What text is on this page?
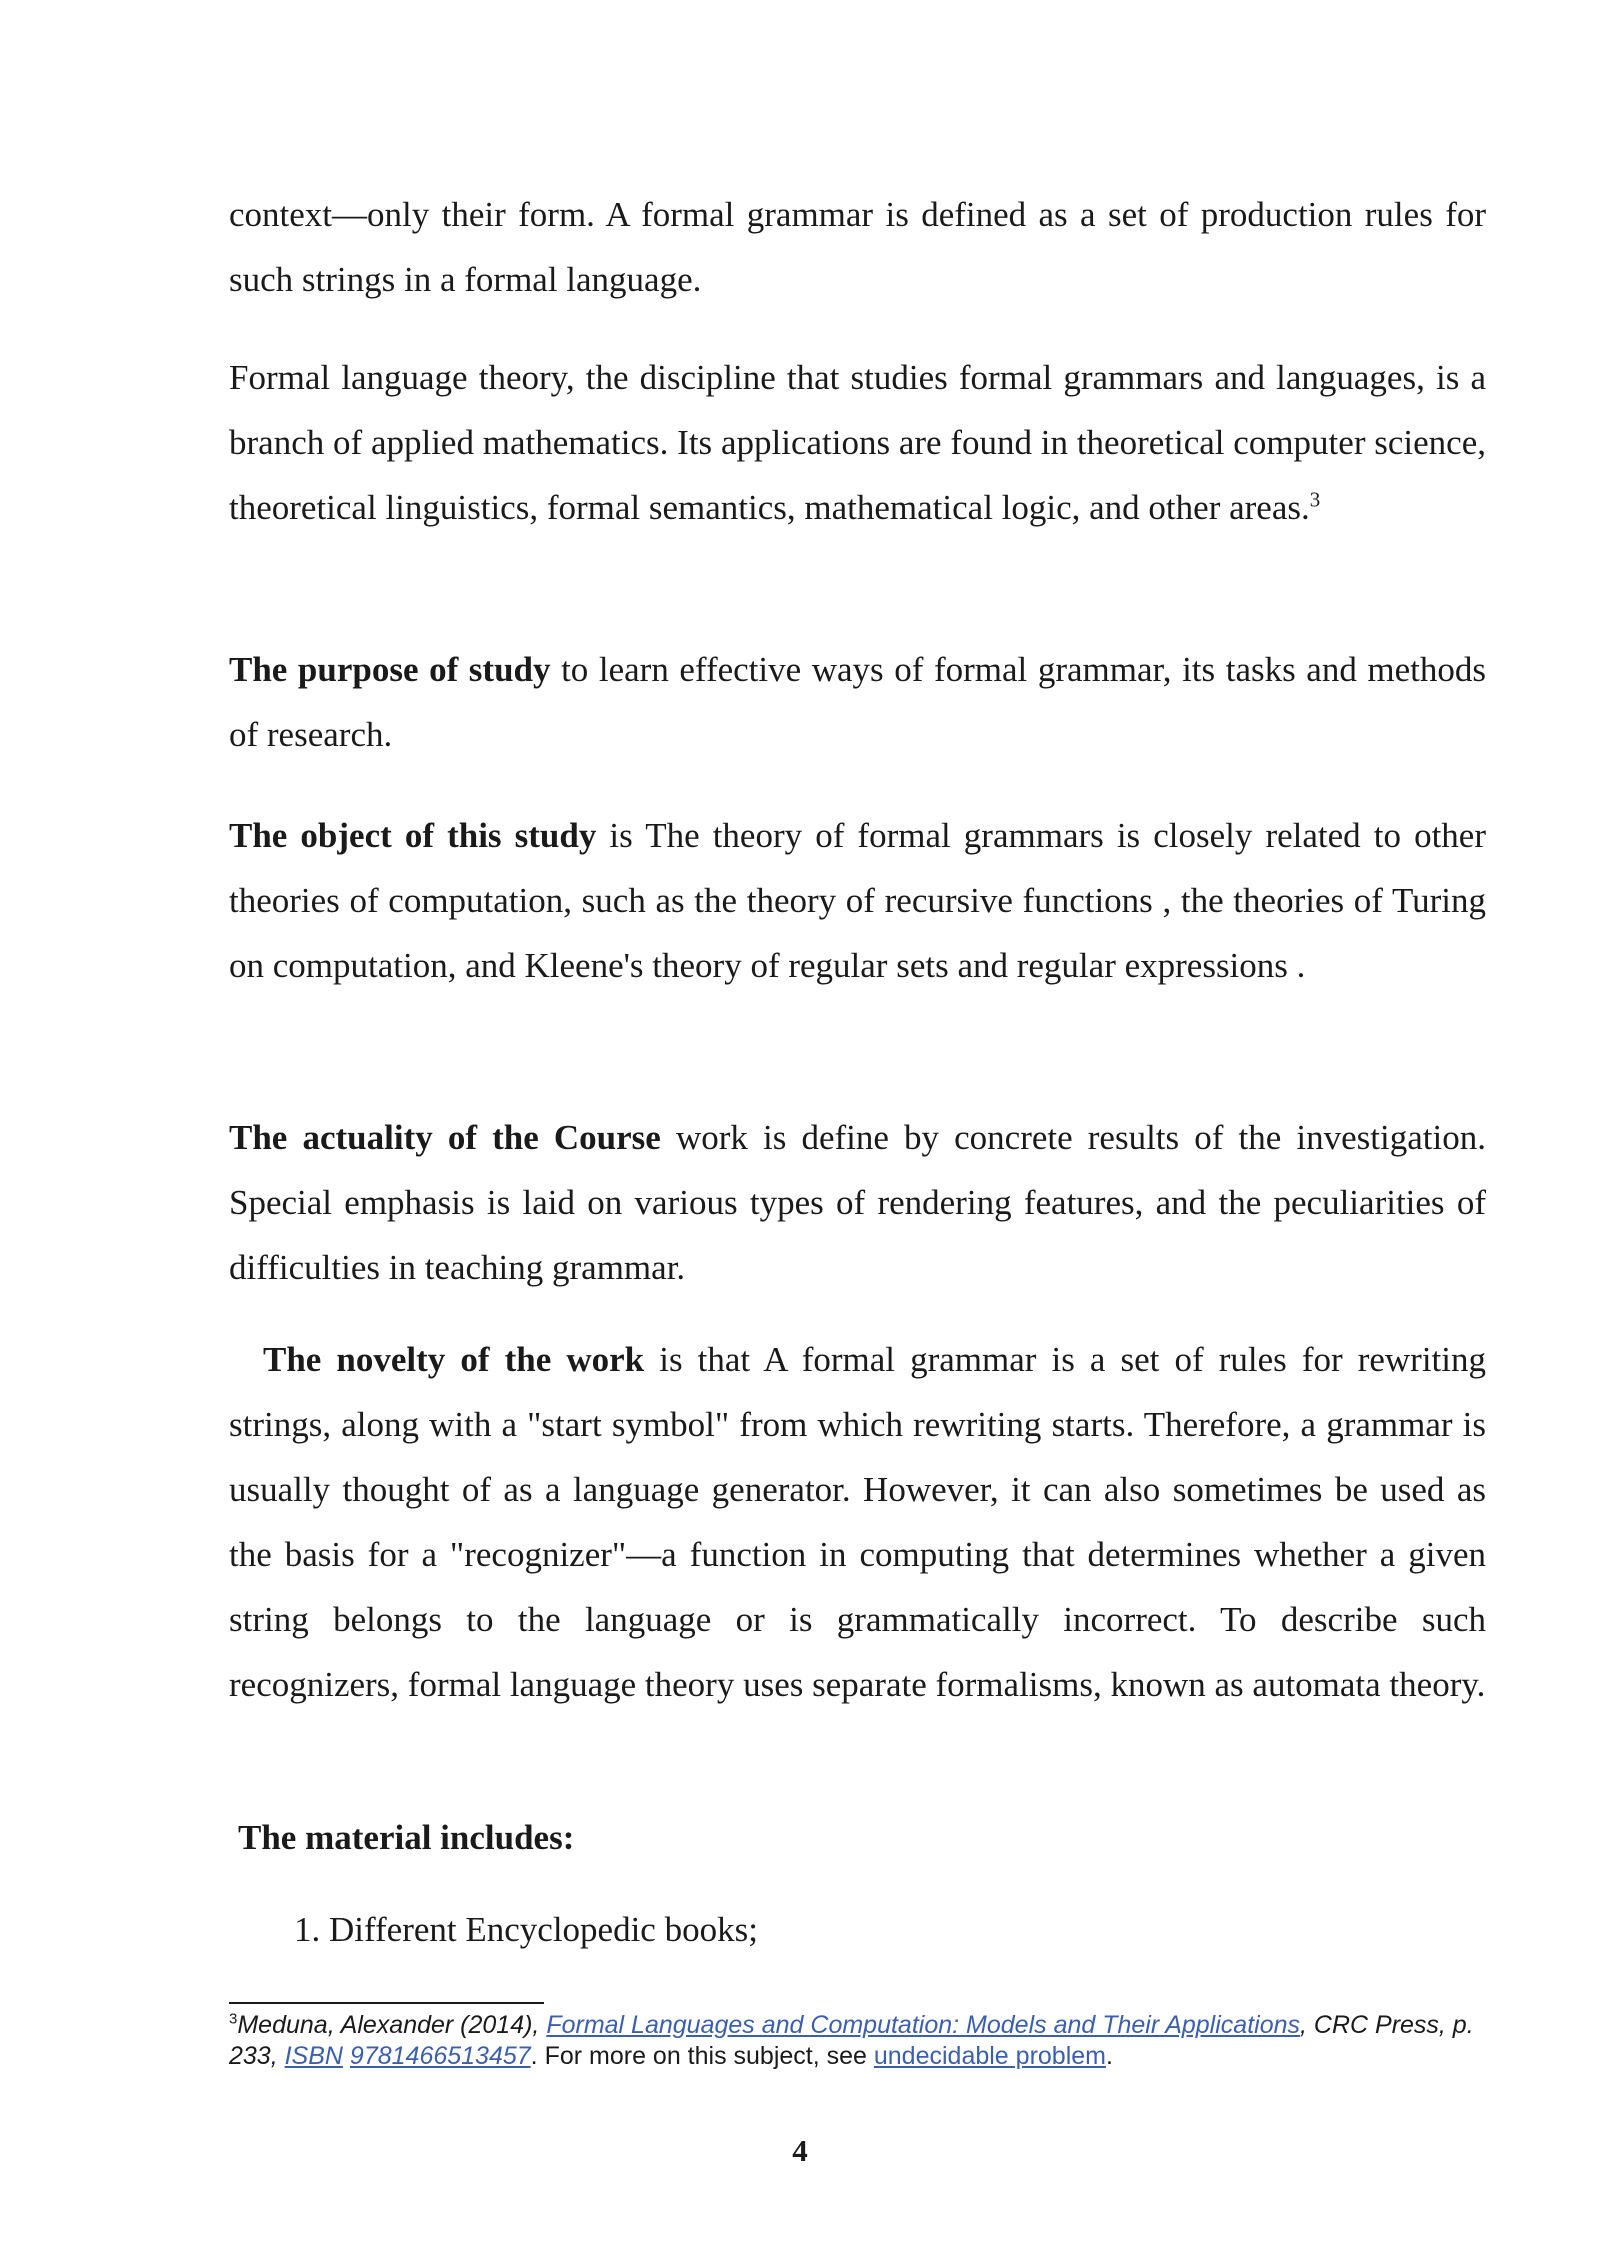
context—only their form. A formal grammar is defined as a set of production rules for such strings in a formal language.

Formal language theory, the discipline that studies formal grammars and languages, is a branch of applied mathematics. Its applications are found in theoretical computer science, theoretical linguistics, formal semantics, mathematical logic, and other areas.$^3$

The purpose of study to learn effective ways of formal grammar, its tasks and methods of research.

The object of this study is The theory of formal grammars is closely related to other theories of computation, such as the theory of recursive functions , the theories of Turing on computation, and Kleene's theory of regular sets and regular expressions .

The actuality of the Course work is define by concrete results of the investigation. Special emphasis is laid on various types of rendering features, and the peculiarities of difficulties in teaching grammar.

The novelty of the work is that A formal grammar is a set of rules for rewriting strings, along with a "start symbol" from which rewriting starts. Therefore, a grammar is usually thought of as a language generator. However, it can also sometimes be used as the basis for a "recognizer"—a function in computing that determines whether a given string belongs to the language or is grammatically incorrect. To describe such recognizers, formal language theory uses separate formalisms, known as automata theory.

The material includes:

1. Different Encyclopedic books;

$^3$Meduna, Alexander (2014), Formal Languages and Computation: Models and Their Applications, CRC Press, p. 233, ISBN 9781466513457. For more on this subject, see undecidable problem.

4
